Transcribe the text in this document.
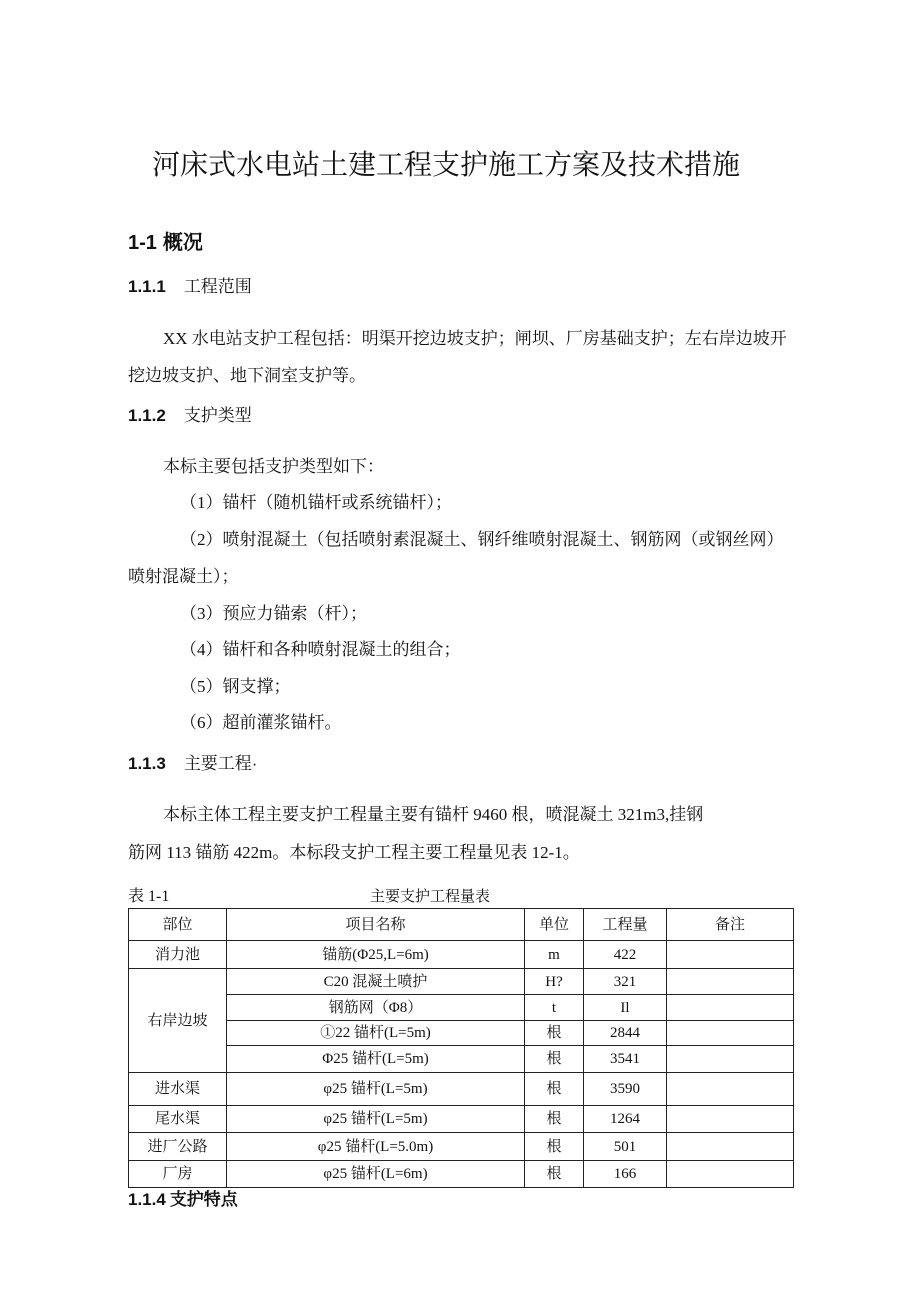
河床式水电站土建工程支护施工方案及技术措施
1-1 概况
1.1.1 工程范围
XX 水电站支护工程包括：明渠开挖边坡支护；闸坝、厂房基础支护；左右岸边坡开
挖边坡支护、地下洞室支护等。
1.1.2 支护类型
本标主要包括支护类型如下：
（1）锚杆（随机锚杆或系统锚杆）；
（2）喷射混凝土（包括喷射素混凝土、钢纤维喷射混凝土、钢筋网（或钢丝网）
喷射混凝土）；
（3）预应力锚索（杆）；
（4）锚杆和各种喷射混凝土的组合；
（5）钢支撑；
（6）超前灌浆锚杆。
1.1.3 主要工程·
本标主体工程主要支护工程量主要有锚杆 9460 根，喷混凝土 321m3,挂钢
筋网 113 锚筋 422m。本标段支护工程主要工程量见表 12-1。
表 1-1	主要支护工程量表
部位	项目名称	单位	工程量	备注
消力池	锚筋(Φ25,L=6m)	m	422	
右岸边坡	C20 混凝土喷护	H?	321	
	钢筋网（Φ8）	t	Il	
	①22 锚杆(L=5m)	根	2844	
	Φ25 锚杆(L=5m)	根	3541	
进水渠	φ25 锚杆(L=5m)	根	3590	
尾水渠	φ25 锚杆(L=5m)	根	1264	
进厂公路	φ25 锚杆(L=5.0m)	根	501	
厂房	φ25 锚杆(L=6m)	根	166	
1.1.4 支护特点
